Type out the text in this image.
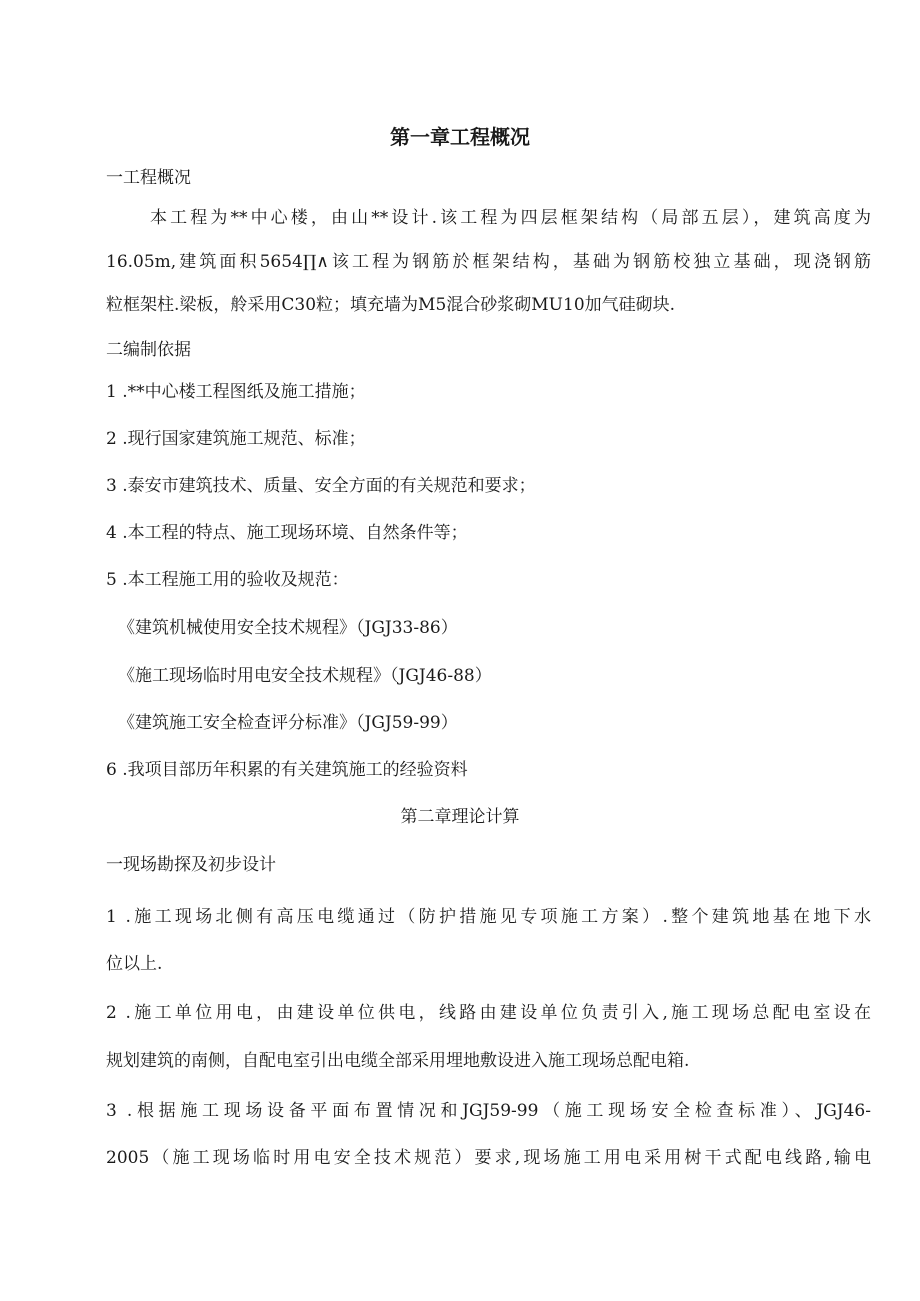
第一章工程概况
一工程概况
本工程为**中心楼，由山**设计.该工程为四层框架结构（局部五层），建筑高度为
16.05m,建筑面积5654∏∧该工程为钢筋於框架结构，基础为钢筋校独立基础，现浇钢筋
粒框架柱.梁板，舲采用C30粒；填充墙为M5混合砂浆砌MU10加气硅砌块.
二编制依据
1 .**中心楼工程图纸及施工措施；
2 .现行国家建筑施工规范、标准；
3 .泰安市建筑技术、质量、安全方面的有关规范和要求；
4 .本工程的特点、施工现场环境、自然条件等；
5 .本工程施工用的验收及规范：
《建筑机械使用安全技术规程》（JGJ33-86）
《施工现场临时用电安全技术规程》（JGJ46-88）
《建筑施工安全检查评分标准》（JGJ59-99）
6 .我项目部历年积累的有关建筑施工的经验资料
第二章理论计算
一现场勘探及初步设计
1 .施工现场北侧有高压电缆通过（防护措施见专项施工方案）.整个建筑地基在地下水
位以上.
2 .施工单位用电，由建设单位供电，线路由建设单位负责引入,施工现场总配电室设在
规划建筑的南侧，自配电室引出电缆全部采用埋地敷设进入施工现场总配电箱.
3 .根据施工现场设备平面布置情况和JGJ59-99（施工现场安全检查标准）、JGJ46-
2005（施工现场临时用电安全技术规范）要求,现场施工用电采用树干式配电线路,输电
